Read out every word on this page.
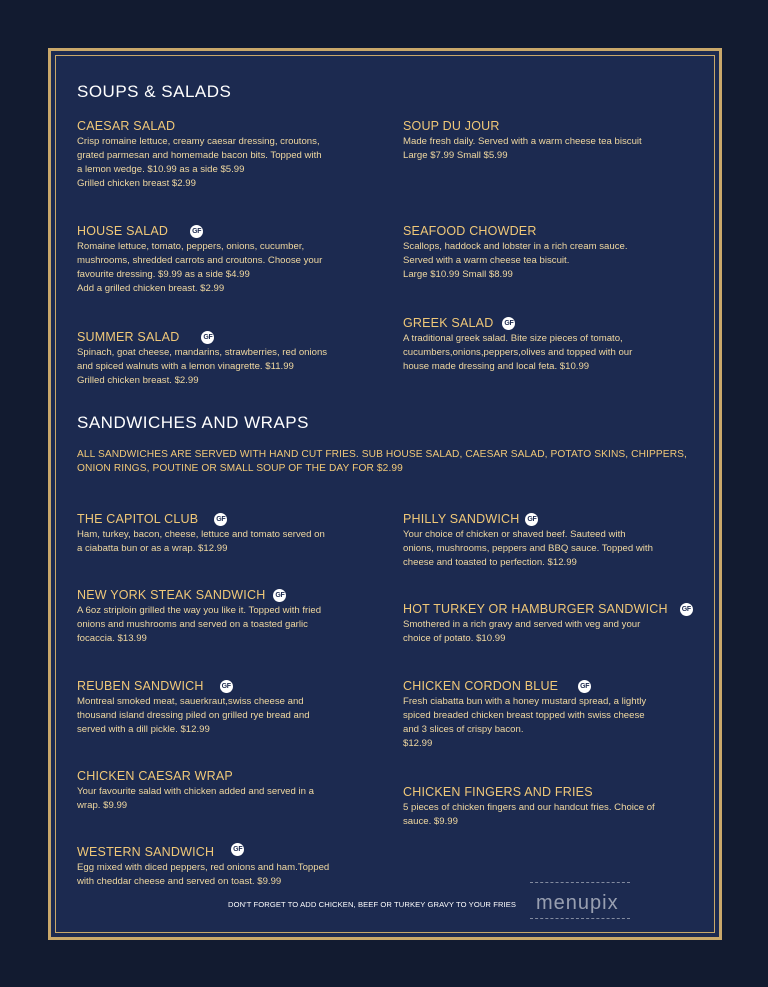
SOUPS & SALADS
CAESAR SALAD
Crisp romaine lettuce, creamy caesar dressing, croutons,
grated parmesan and homemade bacon bits. Topped with
a lemon wedge. $10.99 as a side $5.99
Grilled chicken breast $2.99
HOUSE SALAD	GF
Romaine lettuce, tomato, peppers, onions, cucumber,
mushrooms, shredded carrots and croutons. Choose your
favourite dressing. $9.99 as a side $4.99
Add a grilled chicken breast. $2.99
SUMMER SALAD	GF
Spinach, goat cheese, mandarins, strawberries, red onions
and spiced walnuts with a lemon vinagrette. $11.99
Grilled chicken breast. $2.99
SOUP DU JOUR
Made fresh daily. Served with a warm cheese tea biscuit
Large $7.99 Small $5.99
SEAFOOD CHOWDER
Scallops, haddock and lobster in a rich cream sauce.
Served with a warm cheese tea biscuit.
Large $10.99 Small $8.99
GREEK SALAD GF
A traditional greek salad. Bite size pieces of tomato,
cucumbers,onions,peppers,olives and topped with our
house made dressing and local feta. $10.99
SANDWICHES AND WRAPS
ALL SANDWICHES ARE SERVED WITH HAND CUT FRIES. SUB HOUSE SALAD, CAESAR SALAD, POTATO SKINS, CHIPPERS,
ONION RINGS, POUTINE OR SMALL SOUP OF THE DAY FOR $2.99
THE CAPITOL CLUB	GF
Ham, turkey, bacon, cheese, lettuce and tomato served on
a ciabatta bun or as a wrap. $12.99
NEW YORK STEAK SANDWICH GF
A 6oz striploin grilled the way you like it. Topped with fried
onions and mushrooms and served on a toasted garlic
focaccia. $13.99
REUBEN SANDWICH	GF
Montreal smoked meat, sauerkraut,swiss cheese and
thousand island dressing piled on grilled rye bread and
served with a dill pickle. $12.99
CHICKEN CAESAR WRAP
Your favourite salad with chicken added and served in a
wrap. $9.99
WESTERN SANDWICH	GF
Egg mixed with diced peppers, red onions and ham.Topped
with cheddar cheese and served on toast. $9.99
PHILLY SANDWICH GF
Your choice of chicken or shaved beef. Sauteed with
onions, mushrooms, peppers and BBQ sauce. Topped with
cheese and toasted to perfection. $12.99
HOT TURKEY OR HAMBURGER SANDWICH GF
Smothered in a rich gravy and served with veg and your
choice of potato. $10.99
CHICKEN CORDON BLUE	GF
Fresh ciabatta bun with a honey mustard spread, a lightly
spiced breaded chicken breast topped with swiss cheese
and 3 slices of crispy bacon.
$12.99
CHICKEN FINGERS AND FRIES
5 pieces of chicken fingers and our handcut fries. Choice of
sauce. $9.99
DON'T FORGET TO ADD CHICKEN, BEEF OR TURKEY GRAVY TO YOUR FRIES menupix
